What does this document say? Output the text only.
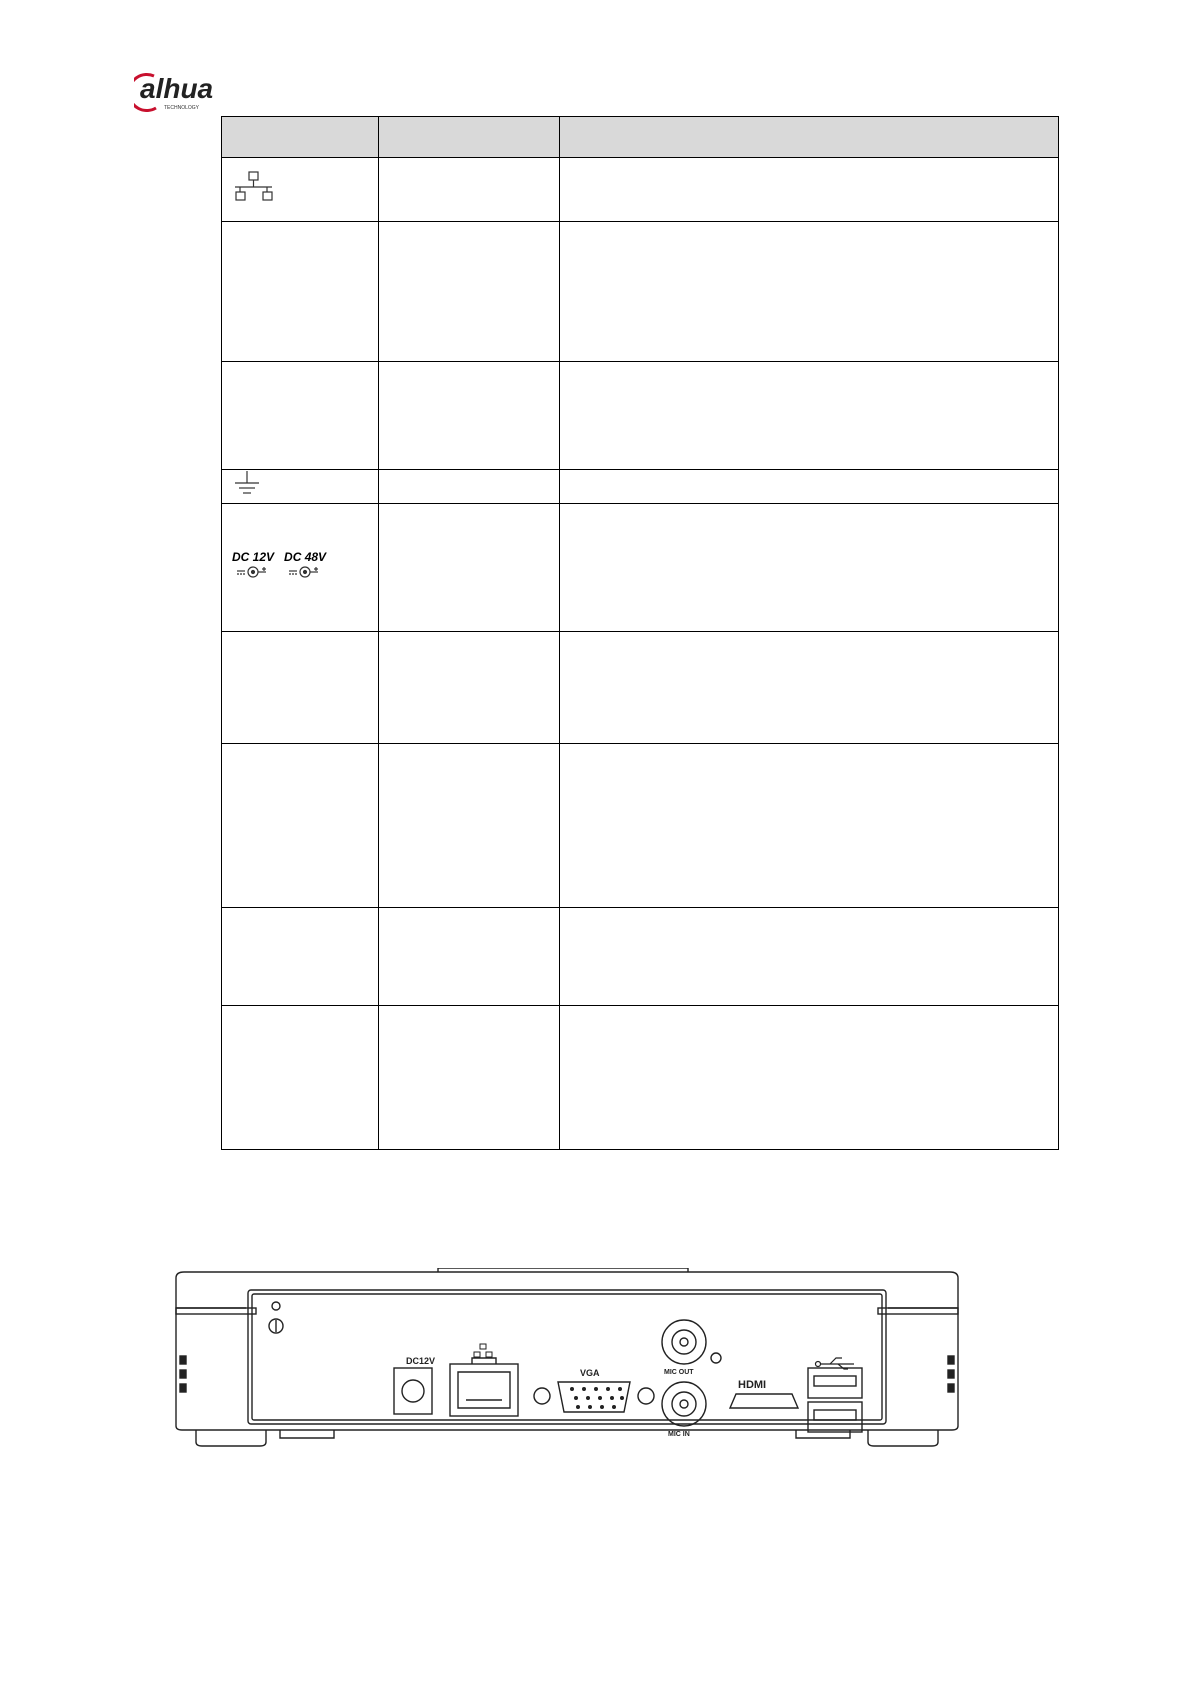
alhua
TECHNOLOGY

DC 12V DC 48V		

DC12V
VGA	MIC OUT
MIC IN
HDMI
